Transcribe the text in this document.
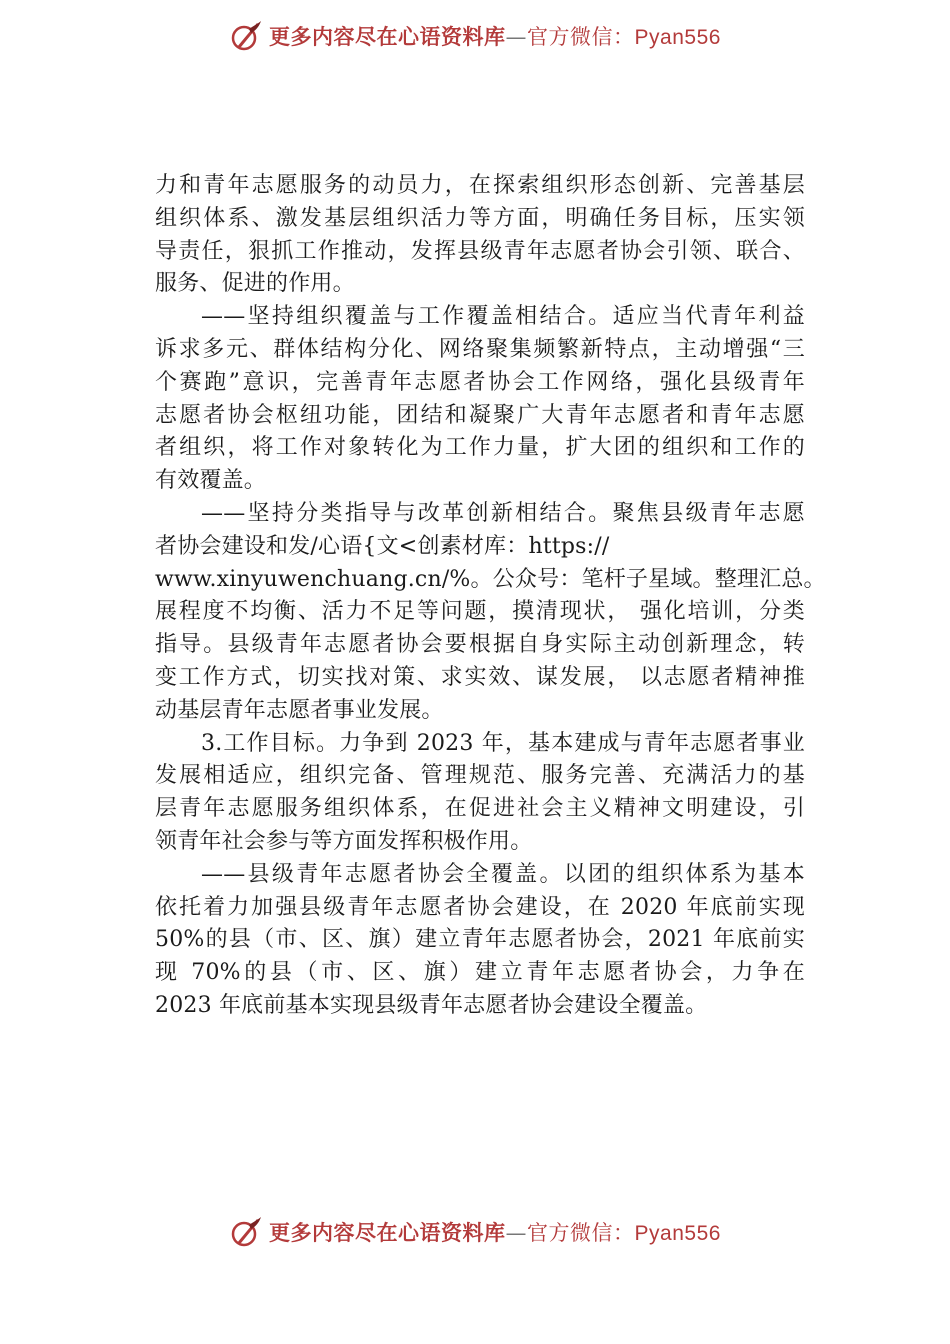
更多内容尽在心语资料库—官方微信：Pyan556
力和青年志愿服务的动员力，在探索组织形态创新、完善基层
组织体系、激发基层组织活力等方面，明确任务目标，压实领
导责任，狠抓工作推动，发挥县级青年志愿者协会引领、联合、
服务、促进的作用。
——坚持组织覆盖与工作覆盖相结合。适应当代青年利益
诉求多元、群体结构分化、网络聚集频繁新特点，主动增强“三
个赛跑”意识，完善青年志愿者协会工作网络，强化县级青年
志愿者协会枢纽功能，团结和凝聚广大青年志愿者和青年志愿
者组织，将工作对象转化为工作力量，扩大团的组织和工作的
有效覆盖。
——坚持分类指导与改革创新相结合。聚焦县级青年志愿
者协会建设和发/心语{文<创素材库：https://
www.xinyuwenchuang.cn/%。公众号：笔杆子星域。整理汇总。
展程度不均衡、活力不足等问题，摸清现状， 强化培训，分类
指导。县级青年志愿者协会要根据自身实际主动创新理念，转
变工作方式，切实找对策、求实效、谋发展， 以志愿者精神推
动基层青年志愿者事业发展。
3.工作目标。力争到 2023 年，基本建成与青年志愿者事业
发展相适应，组织完备、管理规范、服务完善、充满活力的基
层青年志愿服务组织体系，在促进社会主义精神文明建设，引
领青年社会参与等方面发挥积极作用。
——县级青年志愿者协会全覆盖。以团的组织体系为基本
依托着力加强县级青年志愿者协会建设，在 2020 年底前实现
50%的县（市、区、旗）建立青年志愿者协会，2021 年底前实
现 70%的县（市、区、旗）建立青年志愿者协会，力争在
2023 年底前基本实现县级青年志愿者协会建设全覆盖。
更多内容尽在心语资料库—官方微信：Pyan556
